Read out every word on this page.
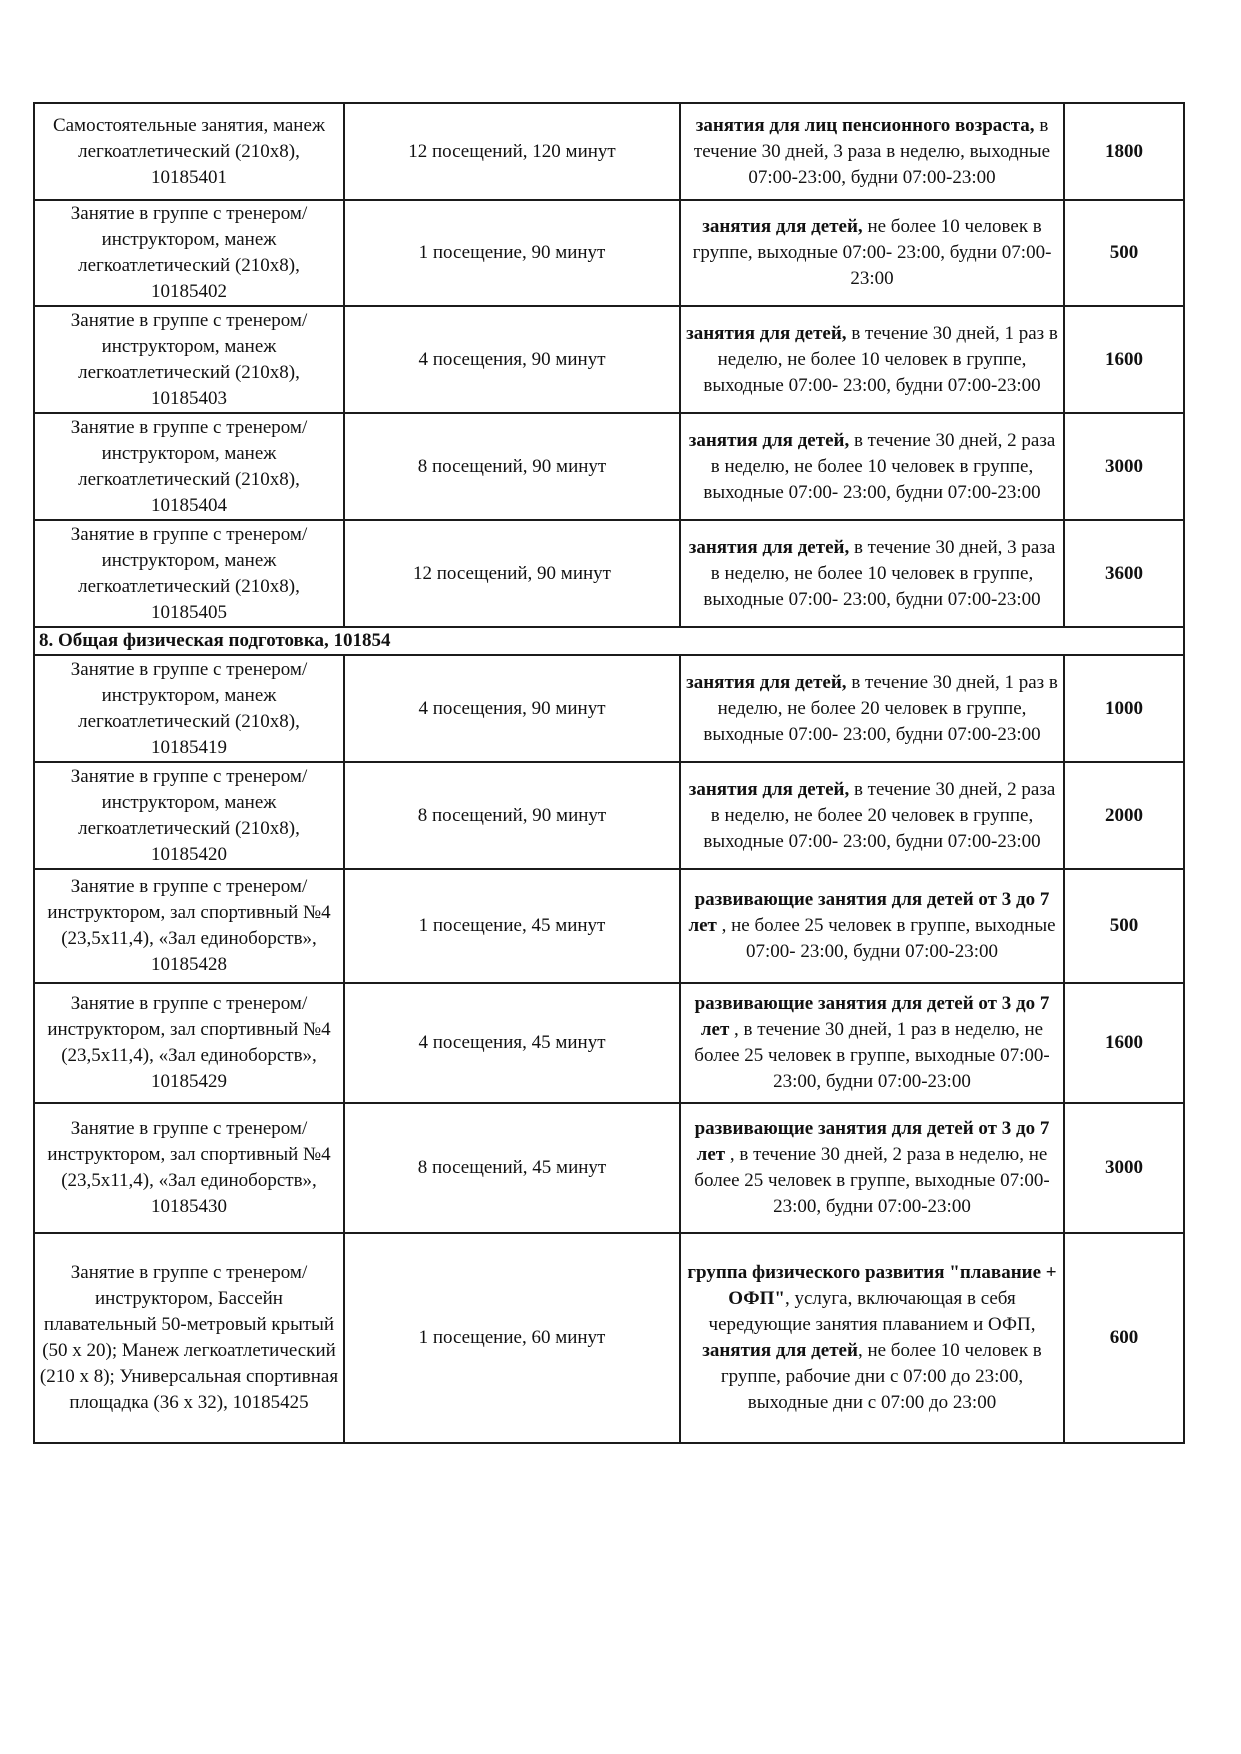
Самостоятельные занятия, манеж легкоатлетический (210х8), 10185401	12 посещений, 120 минут	занятия для лиц пенсионного возраста, в течение 30 дней, 3 раза в неделю, выходные 07:00-23:00, будни 07:00-23:00	1800
Занятие в группе с тренером/инструктором, манеж легкоатлетический (210х8), 10185402	1 посещение, 90 минут	занятия для детей, не более 10 человек в группе, выходные 07:00- 23:00, будни 07:00-23:00	500
Занятие в группе с тренером/инструктором, манеж легкоатлетический (210х8), 10185403	4 посещения, 90 минут	занятия для детей, в течение 30 дней, 1 раз в неделю, не более 10 человек в группе, выходные 07:00- 23:00, будни 07:00-23:00	1600
Занятие в группе с тренером/инструктором, манеж легкоатлетический (210х8), 10185404	8 посещений, 90 минут	занятия для детей, в течение 30 дней, 2 раза в неделю, не более 10 человек в группе, выходные 07:00- 23:00, будни 07:00-23:00	3000
Занятие в группе с тренером/инструктором, манеж легкоатлетический (210х8), 10185405	12 посещений, 90 минут	занятия для детей, в течение 30 дней, 3 раза в неделю, не более 10 человек в группе, выходные 07:00- 23:00, будни 07:00-23:00	3600
8. Общая физическая подготовка, 101854			
Занятие в группе с тренером/инструктором, манеж легкоатлетический (210х8), 10185419	4 посещения, 90 минут	занятия для детей, в течение 30 дней, 1 раз в неделю, не более 20 человек в группе, выходные 07:00- 23:00, будни 07:00-23:00	1000
Занятие в группе с тренером/инструктором, манеж легкоатлетический (210х8), 10185420	8 посещений, 90 минут	занятия для детей, в течение 30 дней, 2 раза в неделю, не более 20 человек в группе, выходные 07:00- 23:00, будни 07:00-23:00	2000
Занятие в группе с тренером/инструктором, зал спортивный №4 (23,5х11,4), «Зал единоборств», 10185428	1 посещение, 45 минут	развивающие занятия для детей от 3 до 7 лет , не более 25 человек в группе, выходные 07:00- 23:00, будни 07:00-23:00	500
Занятие в группе с тренером/инструктором, зал спортивный №4 (23,5х11,4), «Зал единоборств», 10185429	4 посещения, 45 минут	развивающие занятия для детей от 3 до 7 лет , в течение 30 дней, 1 раз в неделю, не более 25 человек в группе, выходные 07:00- 23:00, будни 07:00-23:00	1600
Занятие в группе с тренером/инструктором, зал спортивный №4 (23,5х11,4), «Зал единоборств», 10185430	8 посещений, 45 минут	развивающие занятия для детей от 3 до 7 лет , в течение 30 дней, 2 раза в неделю, не более 25 человек в группе, выходные 07:00- 23:00, будни 07:00-23:00	3000
Занятие в группе с тренером/инструктором, Бассейн плавательный 50-метровый крытый (50 х 20); Манеж легкоатлетический (210 х 8); Универсальная спортивная площадка (36 х 32), 10185425	1 посещение, 60 минут	группа физического развития "плавание + ОФП", услуга, включающая в себя чередующие занятия плаванием и ОФП, занятия для детей, не более 10 человек в группе, рабочие дни с 07:00 до 23:00, выходные дни с 07:00 до 23:00	600
